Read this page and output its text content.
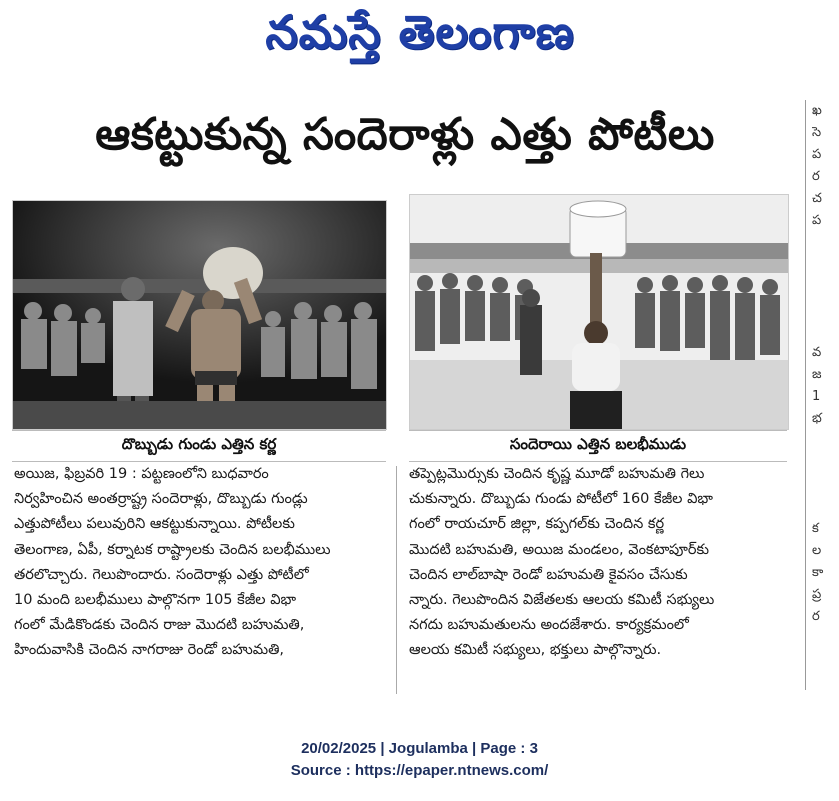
నమస్తే తెలంగాణ
ఆకట్టుకున్న సందెరాళ్లు ఎత్తు పోటీలు	ఖ
సె
ప
ర
చ
ప
వ
జ
1
భ
క
ల
కా
ప్ర
ర
దొబ్బుడు గుండు ఎత్తిన కర్ణ	సందెరాయి ఎత్తిన బలభీముడు
అయిజ, ఫిబ్రవరి 19 : పట్టణంలోని బుధవారం
నిర్వహించిన అంతర్రాష్ట్ర సందెరాళ్లు, దొబ్బుడు గుండ్లు
ఎత్తుపోటీలు పలువురిని ఆకట్టుకున్నాయి. పోటీలకు
తెలంగాణ, ఏపీ, కర్నాటక రాష్ట్రాలకు చెందిన బలభీములు
తరలొచ్చారు. గెలుపొందారు. సందెరాళ్లు ఎత్తు పోటీలో
10 మంది బలభీములు పాల్గొనగా 105 కేజీల విభా
గంలో మేడికొండకు చెందిన రాజు మొదటి బహుమతి,
హిందువాసికి చెందిన నాగరాజు రెండో బహుమతి,
తప్పెట్లమొర్సుకు చెందిన కృష్ణ మూడో బహుమతి గెలు
చుకున్నారు. దొబ్బుడు గుండు పోటీలో 160 కేజీల విభా
గంలో రాయచూర్ జిల్లా, కప్పగల్‌కు చెందిన కర్ణ
మొదటి బహుమతి, అయిజ మండలం, వెంకటాపూర్‌కు
చెందిన లాల్‌బాషా రెండో బహుమతి కైవసం చేసుకు
న్నారు. గెలుపొందిన విజేతలకు ఆలయ కమిటీ సభ్యులు
నగదు బహుమతులను అందజేశారు. కార్యక్రమంలో
ఆలయ కమిటీ సభ్యులు, భక్తులు పాల్గొన్నారు.
20/02/2025 | Jogulamba | Page : 3
Source : https://epaper.ntnews.com/
